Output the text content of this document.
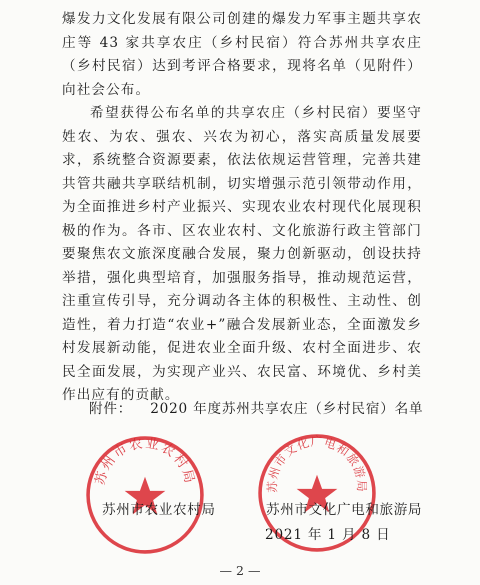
爆发力文化发展有限公司创建的爆发力军事主题共享农庄等 43 家共享农庄（乡村民宿）符合苏州共享农庄（乡村民宿）达到考评合格要求，现将名单（见附件）向社会公布。

希望获得公布名单的共享农庄（乡村民宿）要坚守姓农、为农、强农、兴农为初心，落实高质量发展要求，系统整合资源要素，依法依规运营管理，完善共建共管共融共享联结机制，切实增强示范引领带动作用，为全面推进乡村产业振兴、实现农业农村现代化展现积极的作为。各市、区农业农村、文化旅游行政主管部门要聚焦农文旅深度融合发展，聚力创新驱动，创设扶持举措，强化典型培育，加强服务指导，推动规范运营，注重宣传引导，充分调动各主体的积极性、主动性、创造性，着力打造“农业+”融合发展新业态，全面激发乡村发展新动能，促进农业全面升级、农村全面进步、农民全面发展，为实现产业兴、农民富、环境优、乡村美作出应有的贡献。

附件： 2020 年度苏州共享农庄（乡村民宿）名单
苏州市农业农村局	苏州市文化广电和旅游局
苏州市农业农村局	苏州市文化广电和旅游局
2021 年 1 月 8 日
— 2 —
